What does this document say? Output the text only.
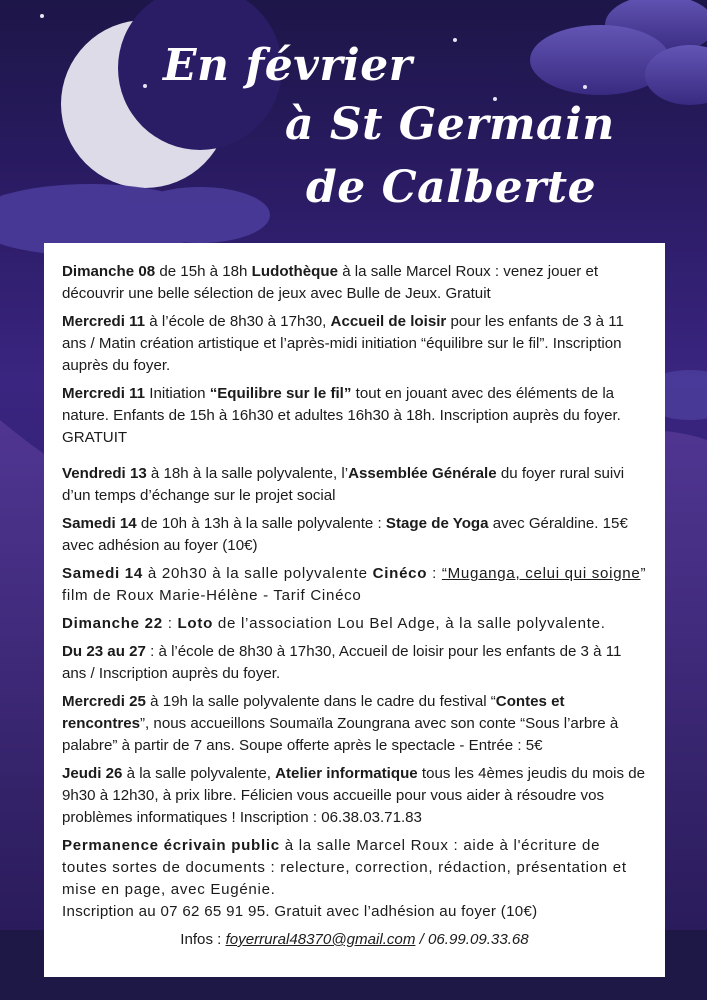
En février
à St Germain
de Calberte
Dimanche 08 de 15h à 18h Ludothèque à la salle Marcel Roux : venez jouer et découvrir une belle sélection de jeux avec Bulle de Jeux. Gratuit
Mercredi 11 à l’école de 8h30 à 17h30, Accueil de loisir pour les enfants de 3 à 11 ans / Matin création artistique et l’après-midi initiation “équilibre sur le fil”. Inscription auprès du foyer.
Mercredi 11 Initiation “Equilibre sur le fil” tout en jouant avec des éléments de la nature. Enfants de 15h à 16h30 et adultes 16h30 à 18h. Inscription auprès du foyer. GRATUIT
Vendredi 13 à 18h à la salle polyvalente, l’Assemblée Générale du foyer rural suivi d’un temps d’échange sur le projet social
Samedi 14 de 10h à 13h à la salle polyvalente : Stage de Yoga avec Géraldine. 15€ avec adhésion au foyer (10€)
Samedi 14 à 20h30 à la salle polyvalente Cinéco : “Muganga, celui qui soigne” film de Roux Marie-Hélène - Tarif Cinéco
Dimanche 22 : Loto de l’association Lou Bel Adge, à la salle polyvalente.
Du 23 au 27 : à l’école de 8h30 à 17h30, Accueil de loisir pour les enfants de 3 à 11 ans / Inscription auprès du foyer.
Mercredi 25 à 19h la salle polyvalente dans le cadre du festival “Contes et rencontres”, nous accueillons Soumaïla Zoungrana avec son conte “Sous l’arbre à palabre” à partir de 7 ans. Soupe offerte après le spectacle - Entrée : 5€
Jeudi 26 à la salle polyvalente, Atelier informatique tous les 4èmes jeudis du mois de 9h30 à 12h30, à prix libre. Félicien vous accueille pour vous aider à résoudre vos problèmes informatiques ! Inscription : 06.38.03.71.83
Permanence écrivain public à la salle Marcel Roux : aide à l'écriture de toutes sortes de documents : relecture, correction, rédaction, présentation et mise en page, avec Eugénie.
Inscription au 07 62 65 91 95. Gratuit avec l’adhésion au foyer (10€)
Infos : foyerrural48370@gmail.com / 06.99.09.33.68
